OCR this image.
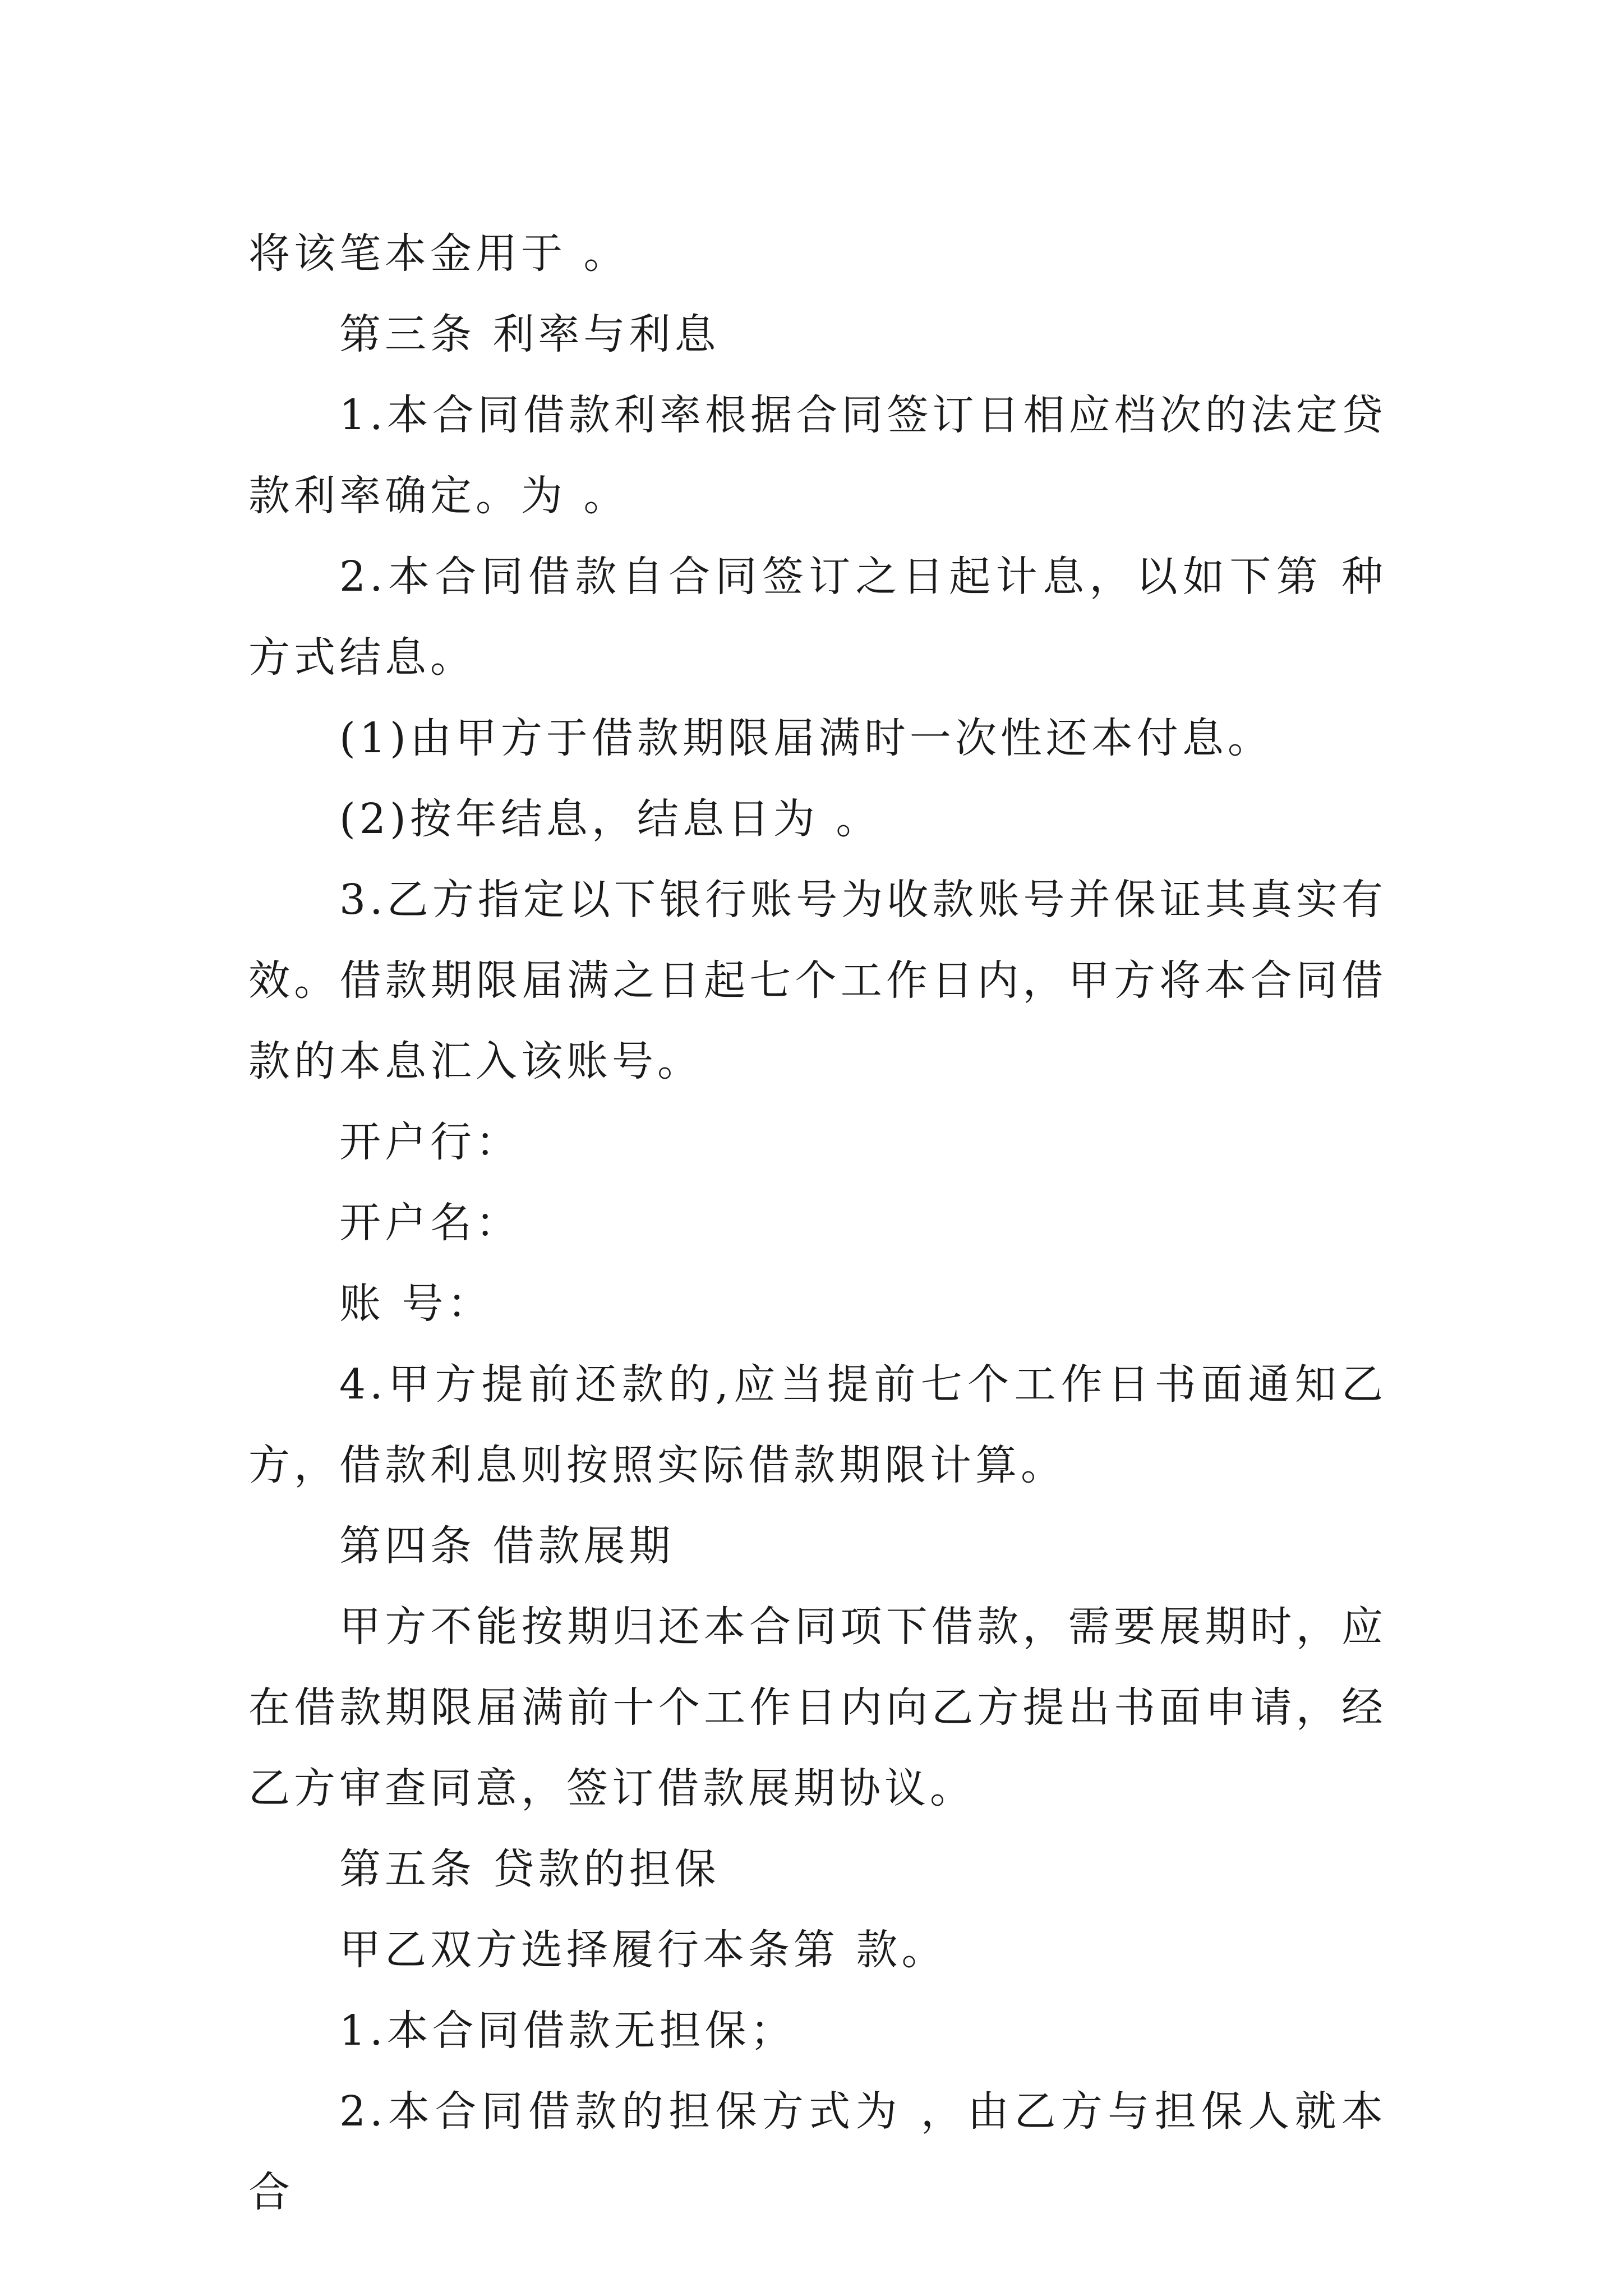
将该笔本金用于 。

第三条 利率与利息

1.本合同借款利率根据合同签订日相应档次的法定贷款利率确定。为 。

2.本合同借款自合同签订之日起计息，以如下第 种方式结息。

(1)由甲方于借款期限届满时一次性还本付息。

(2)按年结息，结息日为 。

3.乙方指定以下银行账号为收款账号并保证其真实有效。借款期限届满之日起七个工作日内，甲方将本合同借款的本息汇入该账号。

开户行：

开户名：

账 号：

4.甲方提前还款的,应当提前七个工作日书面通知乙方，借款利息则按照实际借款期限计算。

第四条 借款展期

甲方不能按期归还本合同项下借款，需要展期时，应在借款期限届满前十个工作日内向乙方提出书面申请，经乙方审查同意，签订借款展期协议。

第五条 贷款的担保

甲乙双方选择履行本条第 款。

1.本合同借款无担保；

2.本合同借款的担保方式为 ，由乙方与担保人就本合
